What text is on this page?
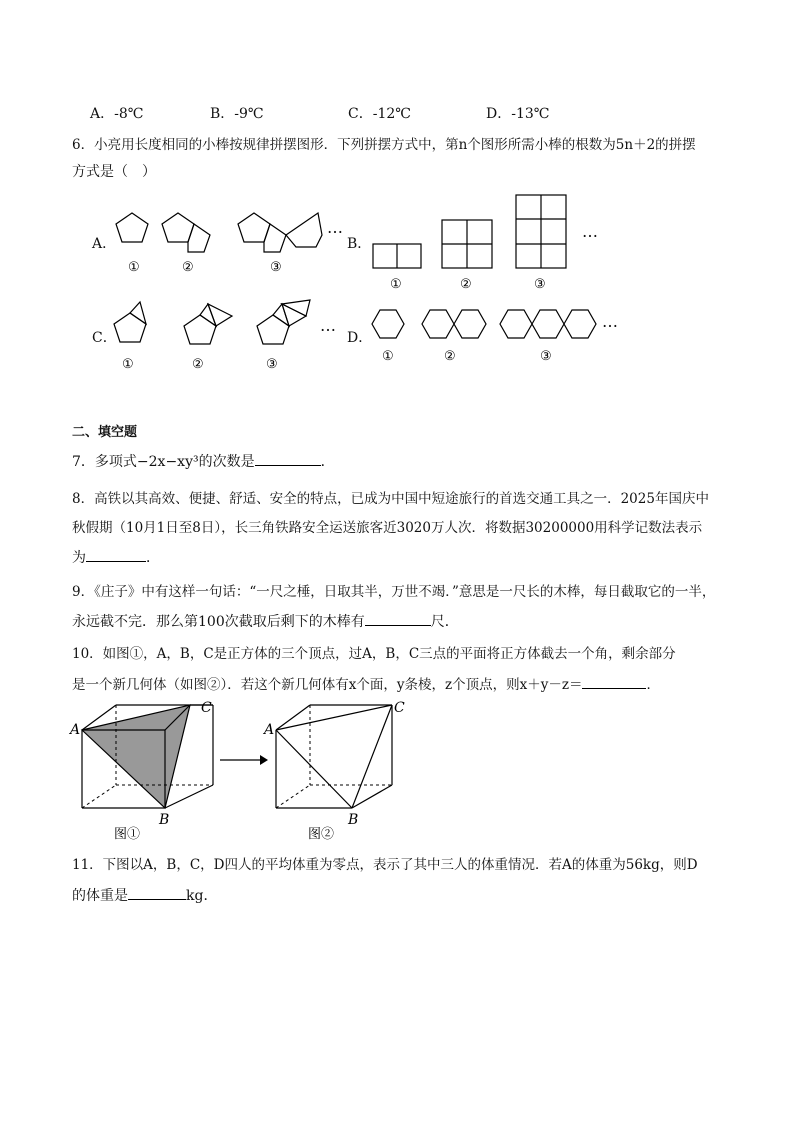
A．-8℃	B．-9℃	C．-12℃	D．-13℃
6．小亮用长度相同的小棒按规律拼摆图形．下列拼摆方式中，第n个图形所需小棒的根数为5n＋2的拼摆
方式是（　）
A．	B．
C．	D．
①	②	③
…
①	②	③
…
①	②	③
…
①	②	③
…
二、填空题
7．多项式−2x−xy³的次数是	．
8．高铁以其高效、便捷、舒适、安全的特点，已成为中国中短途旅行的首选交通工具之一．2025年国庆中
秋假期（10月1日至8日），长三角铁路安全运送旅客近3020万人次．将数据30200000用科学记数法表示
为	．
9．《庄子》中有这样一句话：“一尺之棰，日取其半，万世不竭．”意思是一尺长的木棒，每日截取它的一半，
永远截不完．那么第100次截取后剩下的木棒有	尺．
10．如图①，A，B，C是正方体的三个顶点，过A，B，C三点的平面将正方体截去一个角，剩余部分
是一个新几何体（如图②）．若这个新几何体有x个面，y条棱，z个顶点，则x＋y－z＝	．
A
C
B
图①
A
C
B
图②
11．下图以A，B，C，D四人的平均体重为零点，表示了其中三人的体重情况．若A的体重为56kg，则D
的体重是	kg．
